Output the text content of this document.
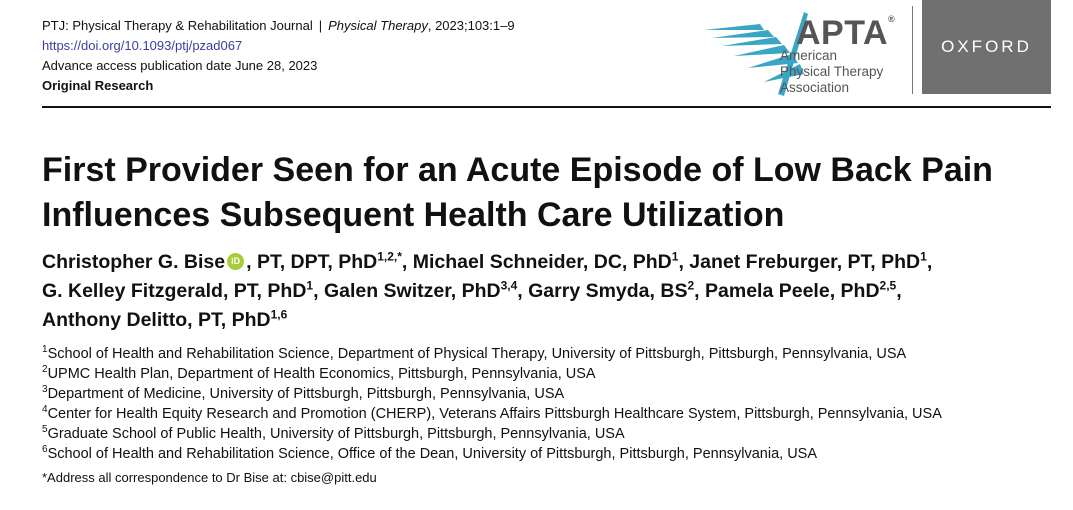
PTJ: Physical Therapy & Rehabilitation Journal | Physical Therapy, 2023;103:1–9
https://doi.org/10.1093/ptj/pzad067
Advance access publication date June 28, 2023
Original Research
APTA®
American
Physical Therapy
Association
OXFORD
First Provider Seen for an Acute Episode of Low Back Pain
Influences Subsequent Health Care Utilization
Christopher G. Bise iD , PT, DPT, PhD$^{1,2,*}$, Michael Schneider, DC, PhD$^1$, Janet Freburger, PT, PhD$^1$,
G. Kelley Fitzgerald, PT, PhD$^1$, Galen Switzer, PhD$^{3,4}$, Garry Smyda, $BS^2$, Pamela Peele, PhD$^{2,5}$,
Anthony Delitto, PT, PhD$^{1,6}$
$^1$School of Health and Rehabilitation Science, Department of Physical Therapy, University of Pittsburgh, Pittsburgh, Pennsylvania, USA
$^2$UPMC Health Plan, Department of Health Economics, Pittsburgh, Pennsylvania, USA
$^3$Department of Medicine, University of Pittsburgh, Pittsburgh, Pennsylvania, USA
$^4$Center for Health Equity Research and Promotion (CHERP), Veterans Affairs Pittsburgh Healthcare System, Pittsburgh, Pennsylvania, USA
$^5$Graduate School of Public Health, University of Pittsburgh, Pittsburgh, Pennsylvania, USA
$^6$School of Health and Rehabilitation Science, Office of the Dean, University of Pittsburgh, Pittsburgh, Pennsylvania, USA
*Address all correspondence to Dr Bise at: cbise@pitt.edu
